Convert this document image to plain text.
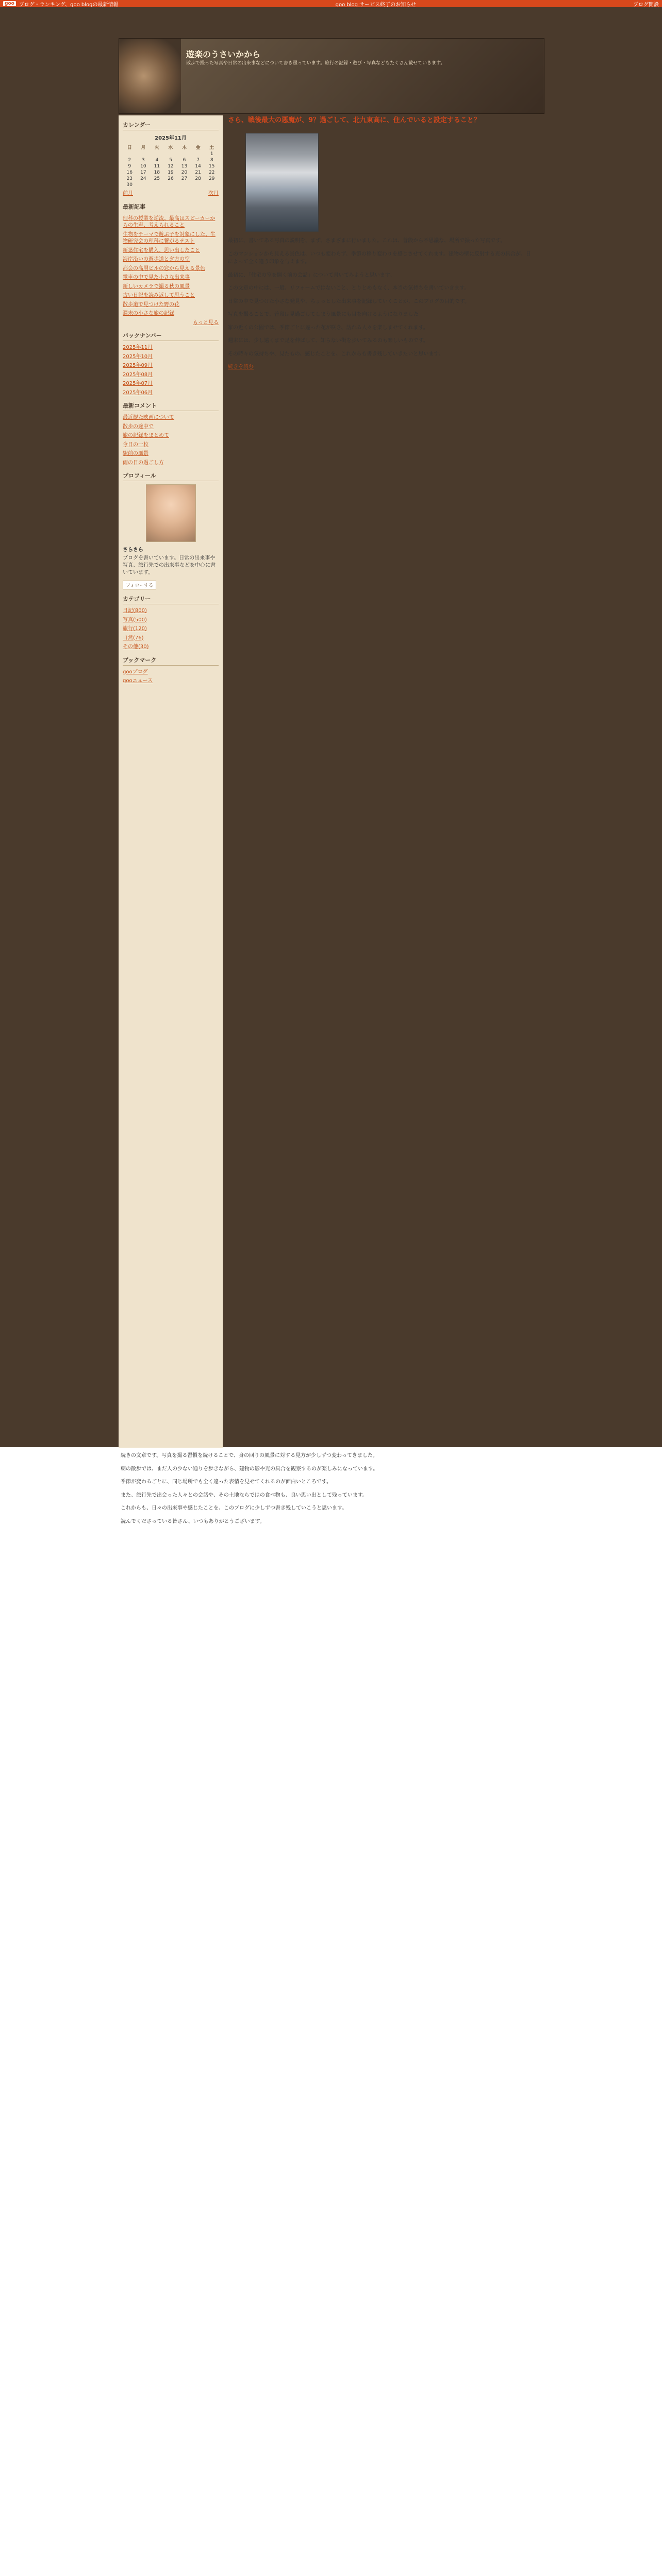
goo ブログ・ランキング、goo blogの最新情報	goo blog サービス終了のお知らせ	ブログ開設
遊楽のうさいかから
散歩で撮った写真や日常の出来事などについて書き綴っています。旅行の記録・遊び・写真などもたくさん載せていきます。
カレンダー
2025年11月
日	月	火	水	木	金	土
						1
2	3	4	5	6	7	8
9	10	11	12	13	14	15
16	17	18	19	20	21	22
23	24	25	26	27	28	29
30						
前月	次月
最新記事
理科の授業を逆流、最高はスピーカーからの生声、考えられること
生物をテーマで遊ぶ子を対象にした、生物研究会の理科に繋がるテスト
新築住宅を購入、思い出したこと
海岸沿いの遊歩道と夕方の空
都会の高層ビルの窓から見える景色
電車の中で見た小さな出来事
新しいカメラで撮る秋の風景
古い日記を読み返して思うこと
散歩道で見つけた野の花
週末の小さな旅の記録
もっと見る
バックナンバー
2025年11月
2025年10月
2025年09月
2025年08月
2025年07月
2025年06月
最新コメント
最近観た映画について
散歩の途中で
旅の記録をまとめて
今日の一枚
駅前の風景
雨の日の過ごし方
プロフィール
さらさら
ブログを書いています。日常の出来事や写真、旅行先での出来事などを中心に書いています。
フォローする
カテゴリー
日記(800)
写真(500)
旅行(120)
自然(76)
その他(30)
ブックマーク
gooブログ
gooニュース
さら、戦後最大の悪魔が、9？過ごして、北九東高に、住んでいると設定すること？

最初に、書いてある写真の説明を、まず、さまざまに行いました。これは、普段から不思議な、場所で撮った写真です。

このマンションから見える景色は、いつも変わらず、季節の移り変わりを感じさせてくれます。建物の壁に反射する光の具合が、日によって全く違う印象を与えます。

最初に、「住宅の室を開く前の会話」について書いてみようと思います。

この文章の中には、一般、リフォームではないこと、とりとめもなく、本当の気持ちを書いていきます。

日常の中で見つけた小さな発見や、ちょっとした出来事を記録していくことが、このブログの目的です。

写真を撮ることで、普段は見過ごしてしまう風景にも目を向けるようになりました。

家の近くの公園では、季節ごとに違った花が咲き、訪れる人々を楽しませてくれます。

週末には、少し遠くまで足を伸ばして、知らない街を歩いてみるのも楽しいものです。

その時々の気持ちや、見たもの、感じたことを、これからも書き残していきたいと思います。

続きを読む

続きの文章です。写真を撮る習慣を続けることで、身の回りの風景に対する見方が少しずつ変わってきました。

朝の散歩では、まだ人の少ない通りを歩きながら、建物の影や光の具合を観察するのが楽しみになっています。

季節が変わるごとに、同じ場所でも全く違った表情を見せてくれるのが面白いところです。

また、旅行先で出会った人々との会話や、その土地ならではの食べ物も、良い思い出として残っています。

これからも、日々の出来事や感じたことを、このブログに少しずつ書き残していこうと思います。

読んでくださっている皆さん、いつもありがとうございます。
